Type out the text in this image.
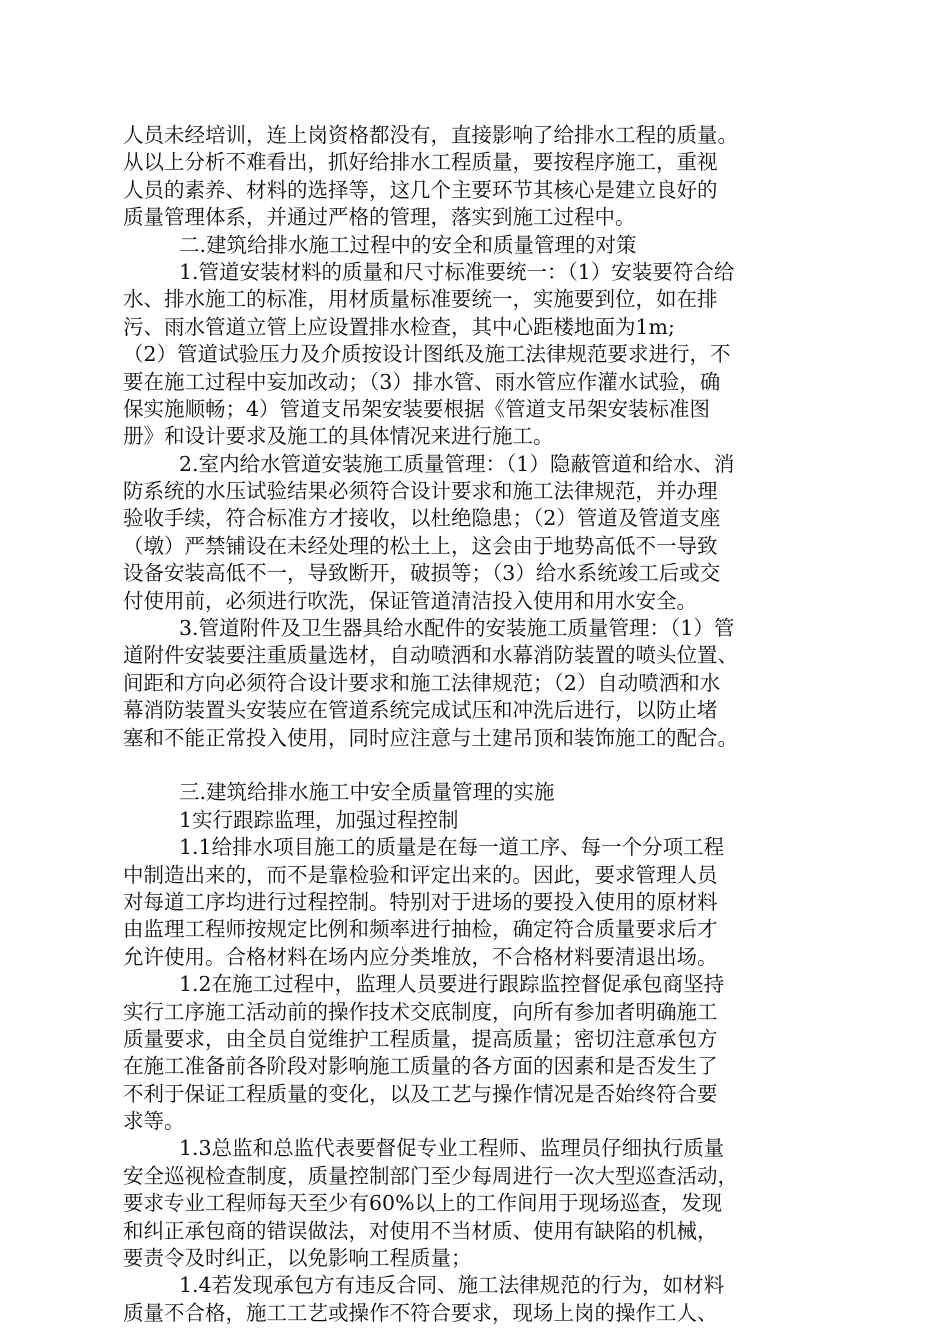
人员未经培训，连上岗资格都没有，直接影响了给排水工程的质量。
从以上分析不难看出，抓好给排水工程质量，要按程序施工，重视
人员的素养、材料的选择等，这几个主要环节其核心是建立良好的
质量管理体系，并通过严格的管理，落实到施工过程中。
二.建筑给排水施工过程中的安全和质量管理的对策
1.管道安装材料的质量和尺寸标准要统一：（1）安装要符合给
水、排水施工的标准，用材质量标准要统一，实施要到位，如在排
污、雨水管道立管上应设置排水检查，其中心距楼地面为1m;
（2）管道试验压力及介质按设计图纸及施工法律规范要求进行，不
要在施工过程中妄加改动；（3）排水管、雨水管应作灌水试验，确
保实施顺畅；4）管道支吊架安装要根据《管道支吊架安装标准图
册》和设计要求及施工的具体情况来进行施工。
2.室内给水管道安装施工质量管理：（1）隐蔽管道和给水、消
防系统的水压试验结果必须符合设计要求和施工法律规范，并办理
验收手续，符合标准方才接收，以杜绝隐患；（2）管道及管道支座
（墩）严禁铺设在未经处理的松土上，这会由于地势高低不一导致
设备安装高低不一，导致断开，破损等；（3）给水系统竣工后或交
付使用前，必须进行吹洗，保证管道清洁投入使用和用水安全。
3.管道附件及卫生器具给水配件的安装施工质量管理：（1）管
道附件安装要注重质量选材，自动喷洒和水幕消防装置的喷头位置、
间距和方向必须符合设计要求和施工法律规范；（2）自动喷洒和水
幕消防装置头安装应在管道系统完成试压和冲洗后进行，以防止堵
塞和不能正常投入使用，同时应注意与土建吊顶和装饰施工的配合。
三.建筑给排水施工中安全质量管理的实施
1实行跟踪监理，加强过程控制
1.1给排水项目施工的质量是在每一道工序、每一个分项工程
中制造出来的，而不是靠检验和评定出来的。因此，要求管理人员
对每道工序均进行过程控制。特别对于进场的要投入使用的原材料
由监理工程师按规定比例和频率进行抽检，确定符合质量要求后才
允许使用。合格材料在场内应分类堆放，不合格材料要清退出场。
1.2在施工过程中，监理人员要进行跟踪监控督促承包商坚持
实行工序施工活动前的操作技术交底制度，向所有参加者明确施工
质量要求，由全员自觉维护工程质量，提高质量；密切注意承包方
在施工准备前各阶段对影响施工质量的各方面的因素和是否发生了
不利于保证工程质量的变化，以及工艺与操作情况是否始终符合要
求等。
1.3总监和总监代表要督促专业工程师、监理员仔细执行质量
安全巡视检查制度，质量控制部门至少每周进行一次大型巡查活动，
要求专业工程师每天至少有60%以上的工作间用于现场巡查，发现
和纠正承包商的错误做法，对使用不当材质、使用有缺陷的机械，
要责令及时纠正，以免影响工程质量；
1.4若发现承包方有违反合同、施工法律规范的行为，如材料
质量不合格，施工工艺或操作不符合要求，现场上岗的操作工人、
